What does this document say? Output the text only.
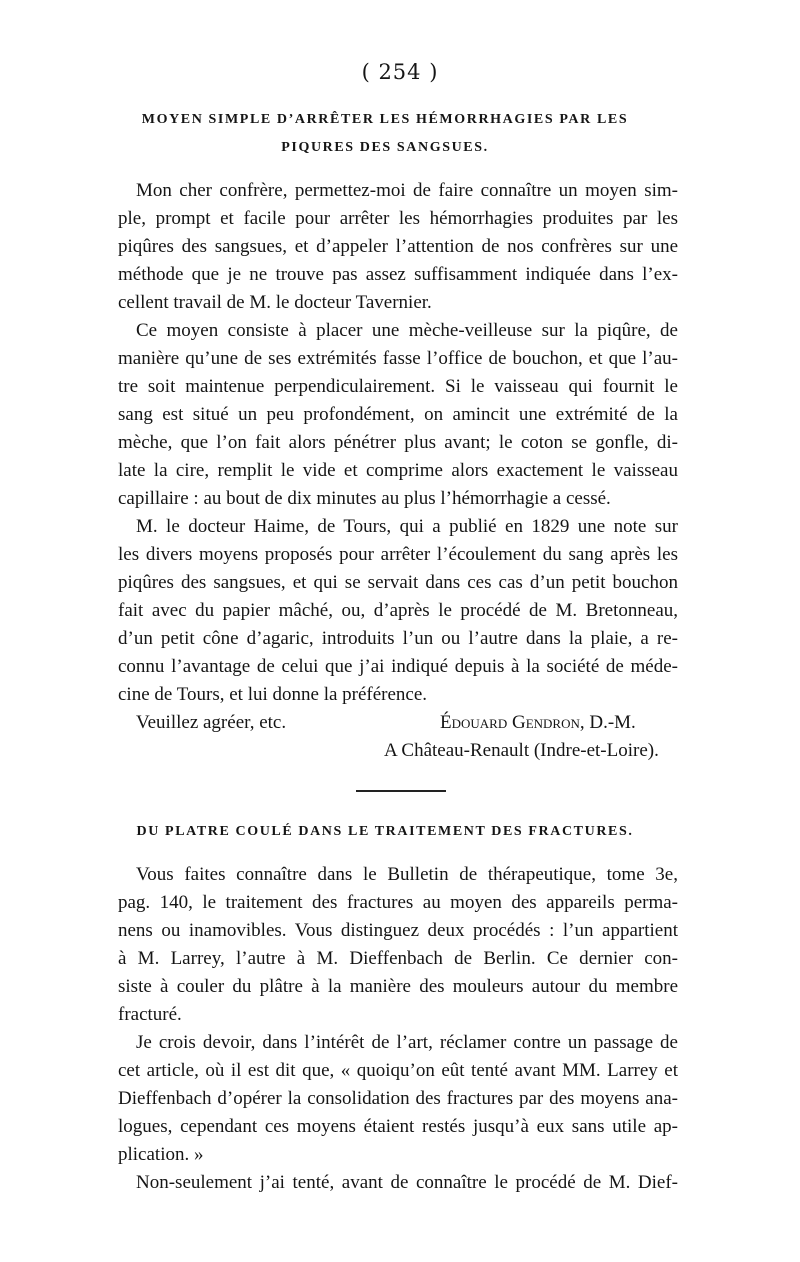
( 254 )
MOYEN SIMPLE D’ARRÊTER LES HÉMORRHAGIES PAR LES
PIQURES DES SANGSUES.
Mon cher confrère, permettez-moi de faire connaître un moyen sim-
ple, prompt et facile pour arrêter les hémorrhagies produites par les
piqûres des sangsues, et d’appeler l’attention de nos confrères sur une
méthode que je ne trouve pas assez suffisamment indiquée dans l’ex-
cellent travail de M. le docteur Tavernier.
Ce moyen consiste à placer une mèche-veilleuse sur la piqûre, de
manière qu’une de ses extrémités fasse l’office de bouchon, et que l’au-
tre soit maintenue perpendiculairement. Si le vaisseau qui fournit le
sang est situé un peu profondément, on amincit une extrémité de la
mèche, que l’on fait alors pénétrer plus avant; le coton se gonfle, di-
late la cire, remplit le vide et comprime alors exactement le vaisseau
capillaire : au bout de dix minutes au plus l’hémorrhagie a cessé.
M. le docteur Haime, de Tours, qui a publié en 1829 une note sur
les divers moyens proposés pour arrêter l’écoulement du sang après les
piqûres des sangsues, et qui se servait dans ces cas d’un petit bouchon
fait avec du papier mâché, ou, d’après le procédé de M. Bretonneau,
d’un petit cône d’agaric, introduits l’un ou l’autre dans la plaie, a re-
connu l’avantage de celui que j’ai indiqué depuis à la société de méde-
cine de Tours, et lui donne la préférence.
Veuillez agréer, etc.	Édouard Gendron, D.-M.
A Château-Renault (Indre-et-Loire).
DU PLATRE COULÉ DANS LE TRAITEMENT DES FRACTURES.
Vous faites connaître dans le Bulletin de thérapeutique, tome 3e,
pag. 140, le traitement des fractures au moyen des appareils perma-
nens ou inamovibles. Vous distinguez deux procédés : l’un appartient
à M. Larrey, l’autre à M. Dieffenbach de Berlin. Ce dernier con-
siste à couler du plâtre à la manière des mouleurs autour du membre
fracturé.
Je crois devoir, dans l’intérêt de l’art, réclamer contre un passage de
cet article, où il est dit que, « quoiqu’on eût tenté avant MM. Larrey et
Dieffenbach d’opérer la consolidation des fractures par des moyens ana-
logues, cependant ces moyens étaient restés jusqu’à eux sans utile ap-
plication. »
Non-seulement j’ai tenté, avant de connaître le procédé de M. Dief-
